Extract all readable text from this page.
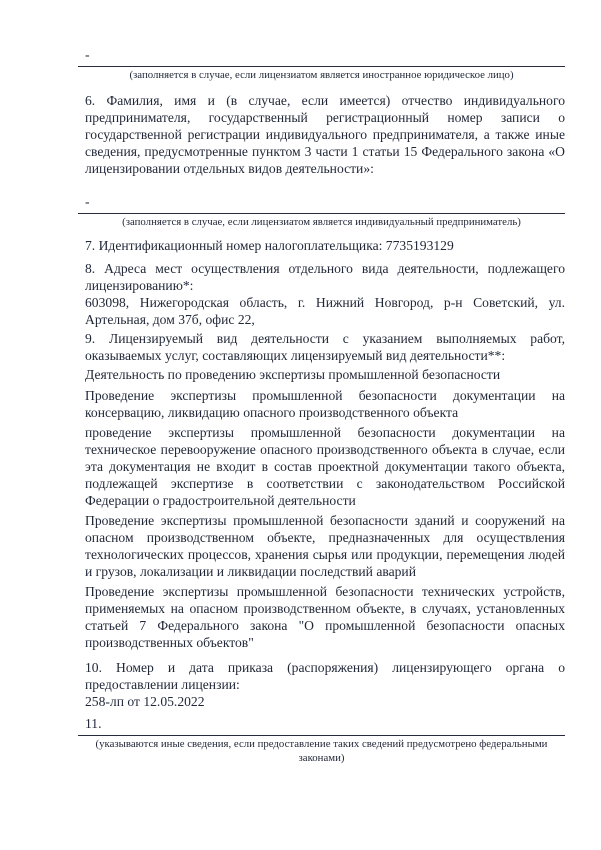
-
(заполняется в случае, если лицензиатом является иностранное юридическое лицо)

6. Фамилия, имя и (в случае, если имеется) отчество индивидуального предпринимателя, государственный регистрационный номер записи о государственной регистрации индивидуального предпринимателя, а также иные сведения, предусмотренные пунктом 3 части 1 статьи 15 Федерального закона «О лицензировании отдельных видов деятельности»:

-
(заполняется в случае, если лицензиатом является индивидуальный предприниматель)

7. Идентификационный номер налогоплательщика: 7735193129

8. Адреса мест осуществления отдельного вида деятельности, подлежащего лицензированию*:

603098, Нижегородская область, г. Нижний Новгород, р-н Советский, ул. Артельная, дом 37б, офис 22,

9. Лицензируемый вид деятельности с указанием выполняемых работ, оказываемых услуг, составляющих лицензируемый вид деятельности**:

Деятельность по проведению экспертизы промышленной безопасности

Проведение экспертизы промышленной безопасности документации на консервацию, ликвидацию опасного производственного объекта

проведение экспертизы промышленной безопасности документации на техническое перевооружение опасного производственного объекта в случае, если эта документация не входит в состав проектной документации такого объекта, подлежащей экспертизе в соответствии с законодательством Российской Федерации о градостроительной деятельности

Проведение экспертизы промышленной безопасности зданий и сооружений на опасном производственном объекте, предназначенных для осуществления технологических процессов, хранения сырья или продукции, перемещения людей и грузов, локализации и ликвидации последствий аварий

Проведение экспертизы промышленной безопасности технических устройств, применяемых на опасном производственном объекте, в случаях, установленных статьей 7 Федерального закона "О промышленной безопасности опасных производственных объектов"

10. Номер и дата приказа (распоряжения) лицензирующего органа о предоставлении лицензии:

258-лп от 12.05.2022

11.

(указываются иные сведения, если предоставление таких сведений предусмотрено федеральными законами)
